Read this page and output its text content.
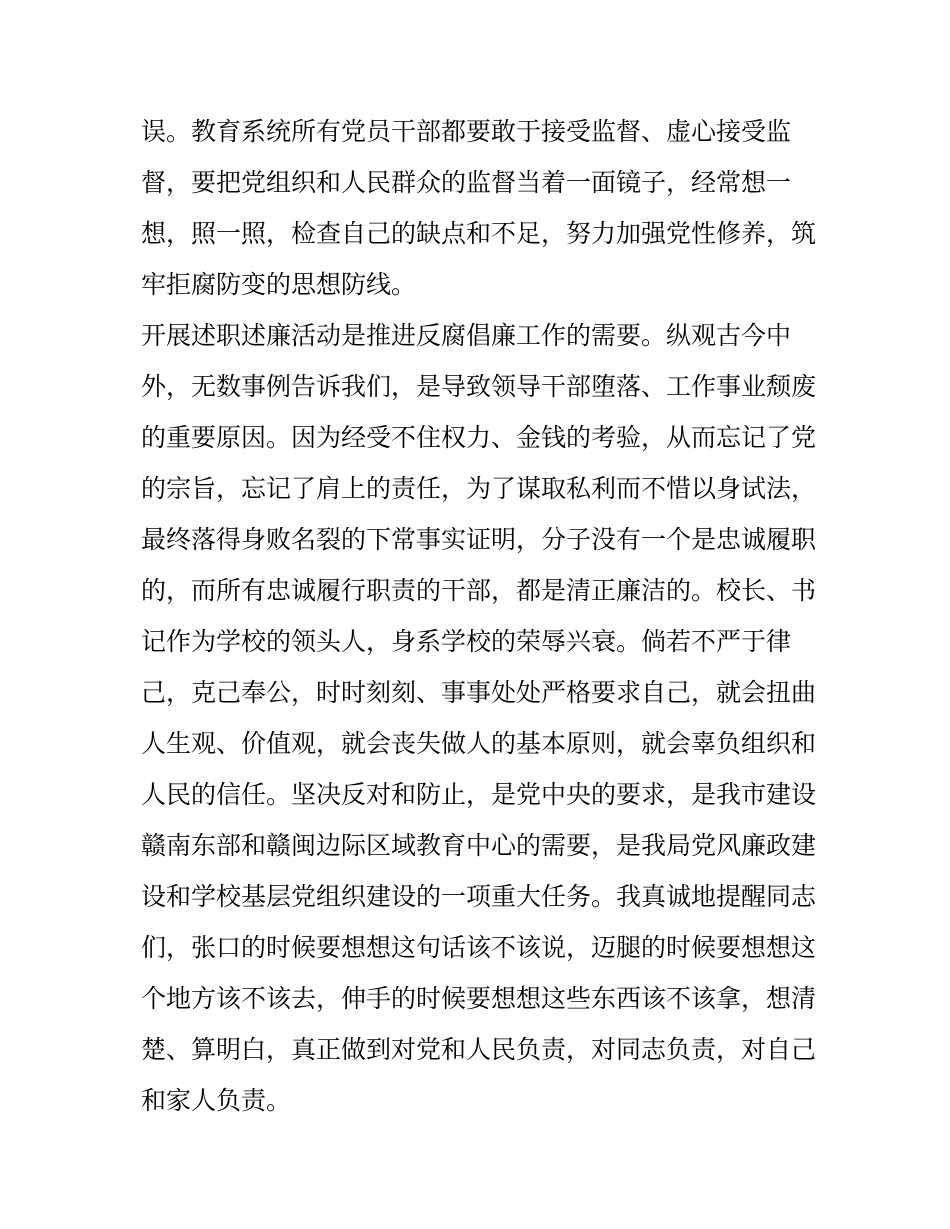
误。教育系统所有党员干部都要敢于接受监督、虚心接受监
督，要把党组织和人民群众的监督当着一面镜子，经常想一
想，照一照，检查自己的缺点和不足，努力加强党性修养，筑
牢拒腐防变的思想防线。
开展述职述廉活动是推进反腐倡廉工作的需要。纵观古今中
外，无数事例告诉我们，是导致领导干部堕落、工作事业颓废
的重要原因。因为经受不住权力、金钱的考验，从而忘记了党
的宗旨，忘记了肩上的责任，为了谋取私利而不惜以身试法，
最终落得身败名裂的下常事实证明，分子没有一个是忠诚履职
的，而所有忠诚履行职责的干部，都是清正廉洁的。校长、书
记作为学校的领头人，身系学校的荣辱兴衰。倘若不严于律
己，克己奉公，时时刻刻、事事处处严格要求自己，就会扭曲
人生观、价值观，就会丧失做人的基本原则，就会辜负组织和
人民的信任。坚决反对和防止，是党中央的要求，是我市建设
赣南东部和赣闽边际区域教育中心的需要，是我局党风廉政建
设和学校基层党组织建设的一项重大任务。我真诚地提醒同志
们，张口的时候要想想这句话该不该说，迈腿的时候要想想这
个地方该不该去，伸手的时候要想想这些东西该不该拿，想清
楚、算明白，真正做到对党和人民负责，对同志负责，对自己
和家人负责。
